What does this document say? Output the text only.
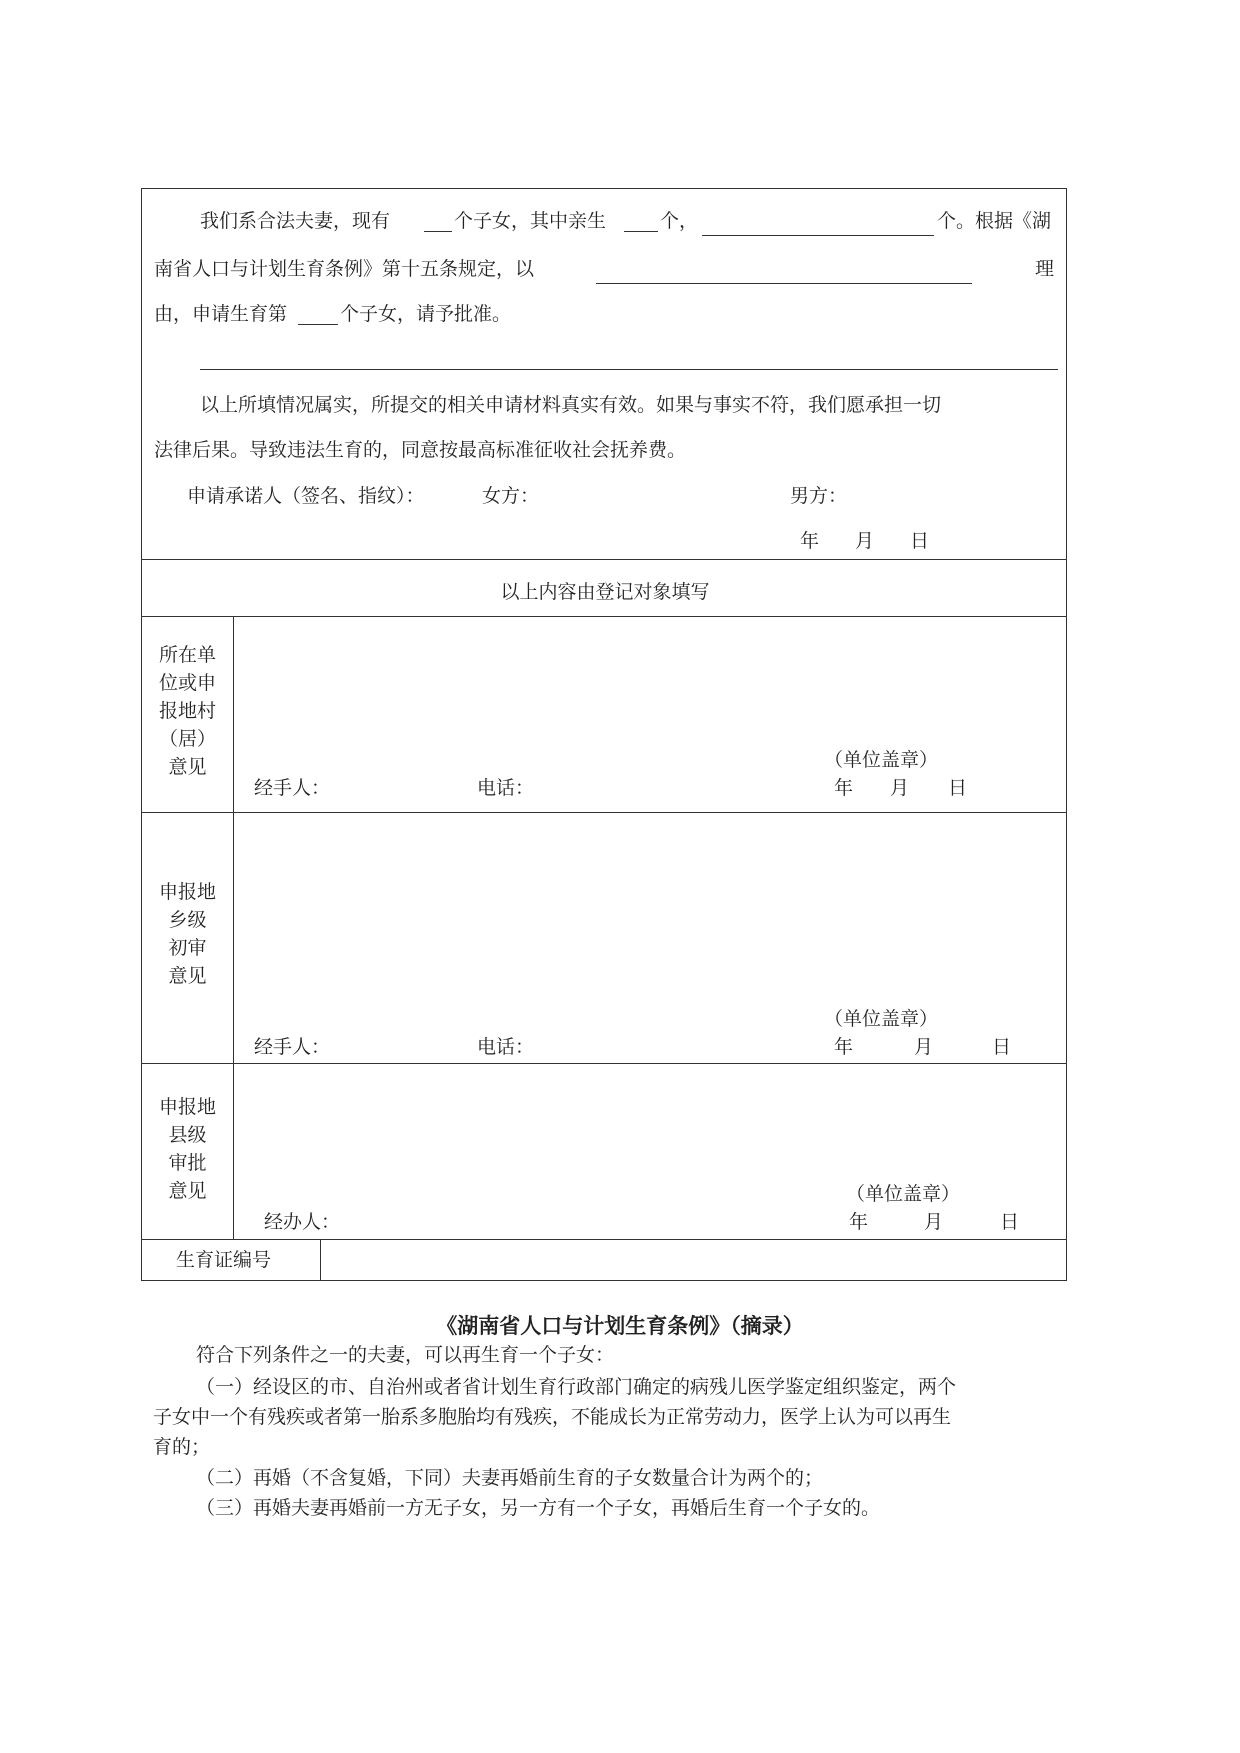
我们系合法夫妻，现有	个子女，其中亲生	个，	个。根据《湖
南省人口与计划生育条例》第十五条规定，以	理
由，申请生育第	个子女，请予批准。
以上所填情况属实，所提交的相关申请材料真实有效。如果与事实不符，我们愿承担一切
法律后果。导致违法生育的，同意按最高标准征收社会抚养费。
申请承诺人（签名、指纹）：	女方：	男方：
年 月 日
以上内容由登记对象填写
所在单
位或申
报地村
（居）
意见	（单位盖章）
经手人：	电话：	年 月 日
申报地
乡级
初审
意见
（单位盖章）
经手人：	电话：	年	月	日
申报地
县级
审批
意见	（单位盖章）
经办人：	年	月	日
生育证编号
《湖南省人口与计划生育条例》（摘录）
符合下列条件之一的夫妻，可以再生育一个子女：
（一）经设区的市、自治州或者省计划生育行政部门确定的病残儿医学鉴定组织鉴定，两个
子女中一个有残疾或者第一胎系多胞胎均有残疾，不能成长为正常劳动力，医学上认为可以再生
育的；
（二）再婚（不含复婚，下同）夫妻再婚前生育的子女数量合计为两个的；
（三）再婚夫妻再婚前一方无子女，另一方有一个子女，再婚后生育一个子女的。
